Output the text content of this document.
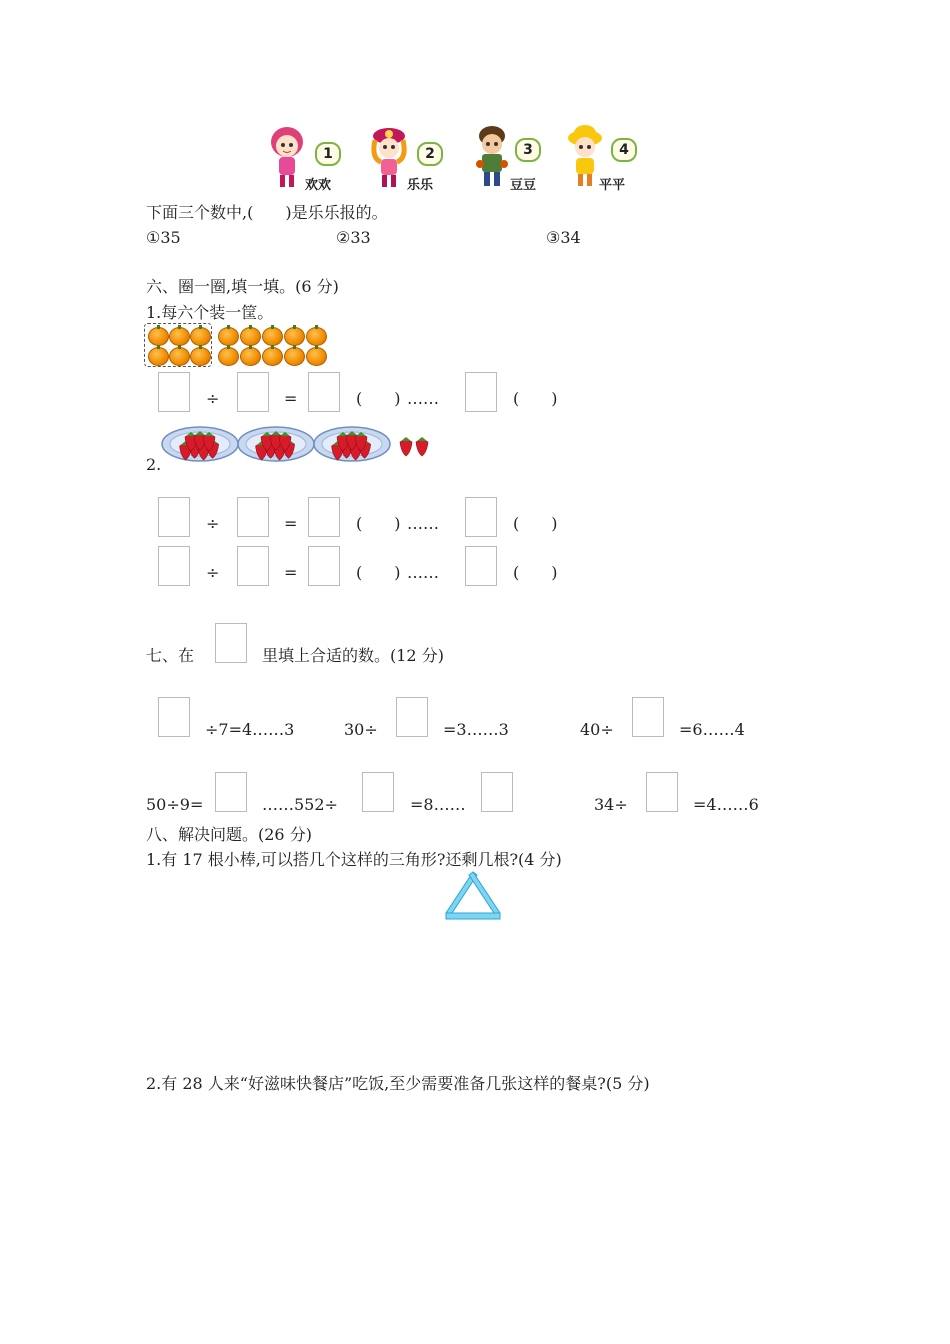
1
欢欢
2
乐乐
3
豆豆
4
平平
下面三个数中,(　　)是乐乐报的。
①35	②33	③34
六、圈一圈,填一填。(6 分)
1.每六个装一筐。
÷	=	(　　) ……	(　　)
2.
÷	=	(　　) ……	(　　)
÷	=	(　　) ……	(　　)
七、在	里填上合适的数。(12 分)
÷7=4……3	30÷	=3……3	40÷	=6……4
50÷9=	……552÷	=8……	34÷	=4……6
八、解决问题。(26 分)
1.有 17 根小棒,可以搭几个这样的三角形?还剩几根?(4 分)
2.有 28 人来“好滋味快餐店”吃饭,至少需要准备几张这样的餐桌?(5 分)
